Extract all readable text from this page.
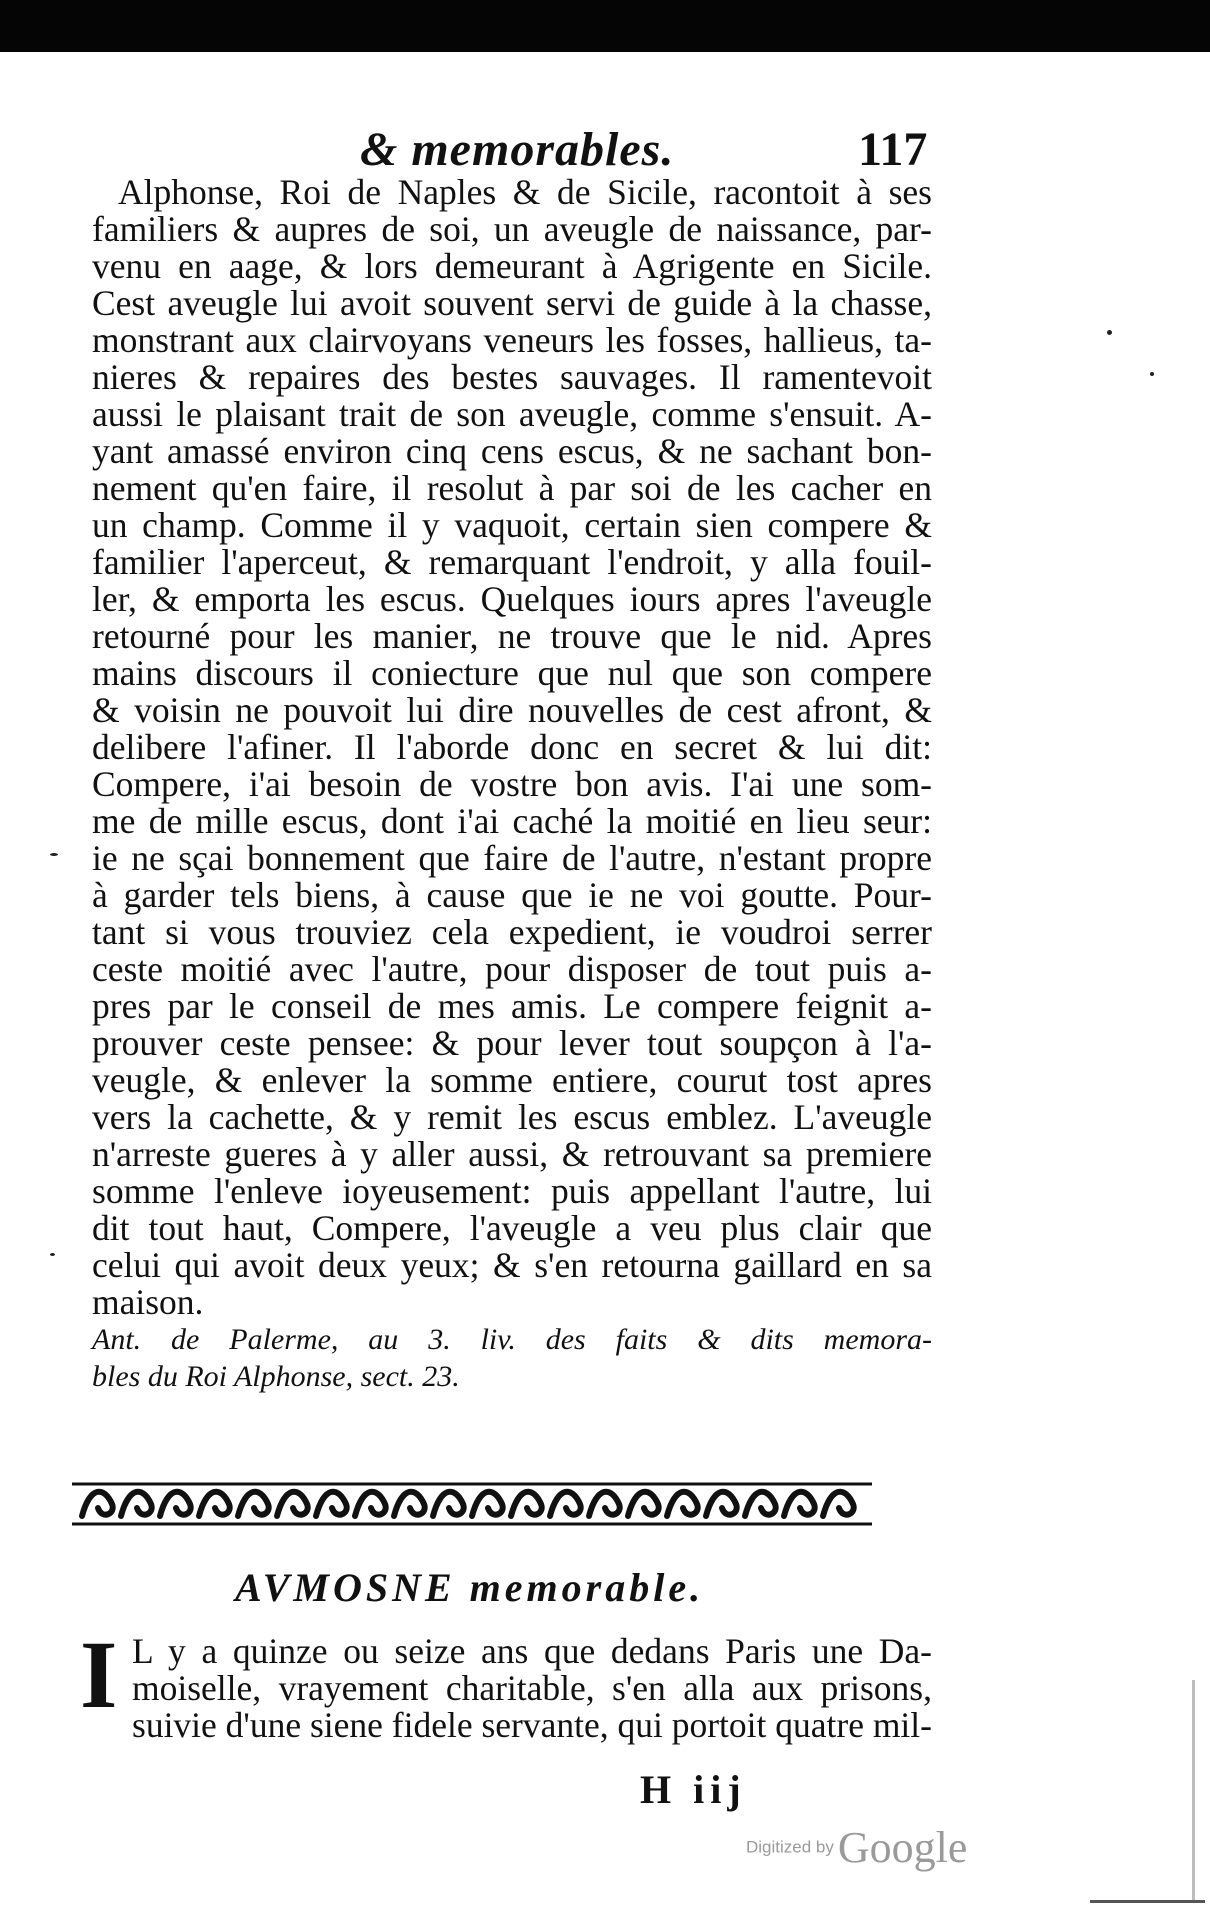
& memorables.	117
Alphonse, Roi de Naples & de Sicile, racontoit à ses
familiers & aupres de soi, un aveugle de naissance, par-
venu en aage, & lors demeurant à Agrigente en Sicile.
Cest aveugle lui avoit souvent servi de guide à la chasse,
monstrant aux clairvoyans veneurs les fosses, hallieus, ta-
nieres & repaires des bestes sauvages. Il ramentevoit
aussi le plaisant trait de son aveugle, comme s'ensuit. A-
yant amassé environ cinq cens escus, & ne sachant bon-
nement qu'en faire, il resolut à par soi de les cacher en
un champ. Comme il y vaquoit, certain sien compere &
familier l'aperceut, & remarquant l'endroit, y alla fouil-
ler, & emporta les escus. Quelques iours apres l'aveugle
retourné pour les manier, ne trouve que le nid. Apres
mains discours il coniecture que nul que son compere
& voisin ne pouvoit lui dire nouvelles de cest afront, &
delibere l'afiner. Il l'aborde donc en secret & lui dit:
Compere, i'ai besoin de vostre bon avis. I'ai une som-
me de mille escus, dont i'ai caché la moitié en lieu seur:
ie ne sçai bonnement que faire de l'autre, n'estant propre
à garder tels biens, à cause que ie ne voi goutte. Pour-
tant si vous trouviez cela expedient, ie voudroi serrer
ceste moitié avec l'autre, pour disposer de tout puis a-
pres par le conseil de mes amis. Le compere feignit a-
prouver ceste pensee: & pour lever tout soupçon à l'a-
veugle, & enlever la somme entiere, courut tost apres
vers la cachette, & y remit les escus emblez. L'aveugle
n'arreste gueres à y aller aussi, & retrouvant sa premiere
somme l'enleve ioyeusement: puis appellant l'autre, lui
dit tout haut, Compere, l'aveugle a veu plus clair que
celui qui avoit deux yeux; & s'en retourna gaillard en sa
maison.
Ant. de Palerme, au 3. liv. des faits & dits memora-
bles du Roi Alphonse, sect. 23.
AVMOSNE memorable.
I L y a quinze ou seize ans que dedans Paris une Da-
moiselle, vrayement charitable, s'en alla aux prisons,
suivie d'une siene fidele servante, qui portoit quatre mil-
H iij
Digitized by Google
